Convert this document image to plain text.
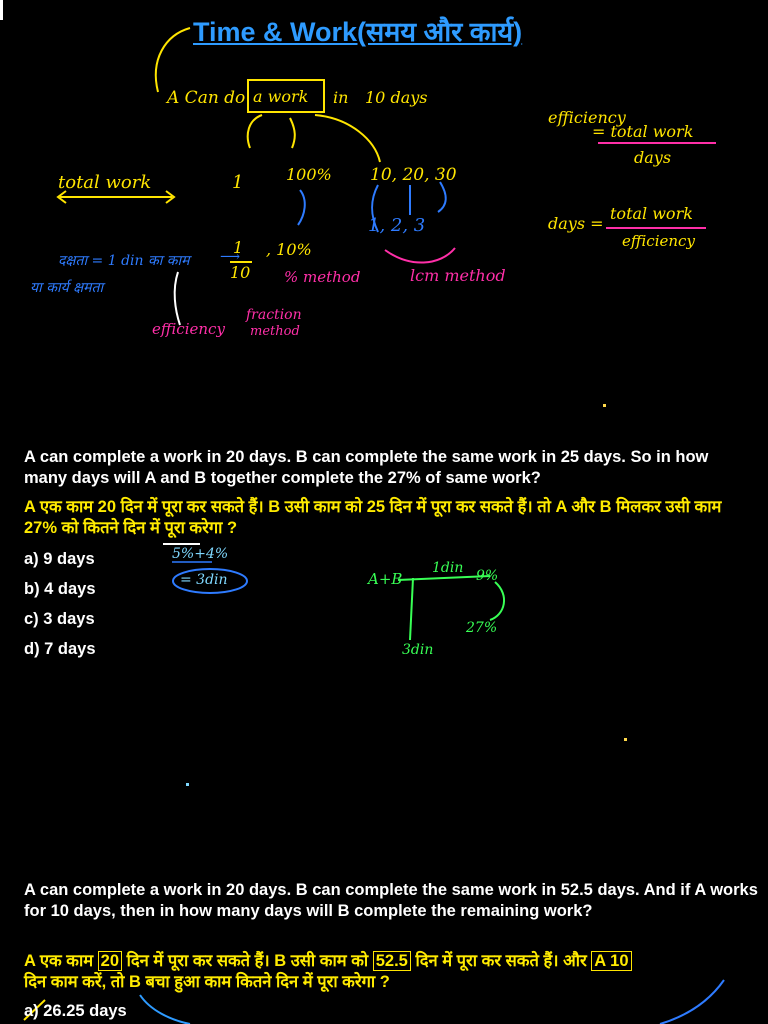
Time & Work(समय और कार्य)
A Can do a work in 10 days
total work	1	100% 10, 20, 30
1, 2, 3
1
10
, 10%
% method	lcm method
दक्षता = 1 din का काम ⟶
या कार्य क्षमता
efficiency
fraction
method
efficiency
= total work
days
days =
total work
efficiency
A can complete a work in 20 days. B can complete the same work in 25 days. So in how many days will A and B together complete the 27% of same work?
A एक काम 20 दिन में पूरा कर सकते हैं। B उसी काम को 25 दिन में पूरा कर सकते हैं। तो A और B मिलकर उसी काम 27% को कितने दिन में पूरा करेगा ?
a) 9 days
b) 4 days
c) 3 days
d) 7 days
5%+4%
= 3din	A+B
1din 9%
27%
3din
A can complete a work in 20 days. B can complete the same work in 52.5 days. And if A works for 10 days, then in how many days will B complete the remaining work?
A एक काम 20 दिन में पूरा कर सकते हैं। B उसी काम को 52.5 दिन में पूरा कर सकते हैं। और A 10
दिन काम करें, तो B बचा हुआ काम कितने दिन में पूरा करेगा ?
a) 26.25 days
